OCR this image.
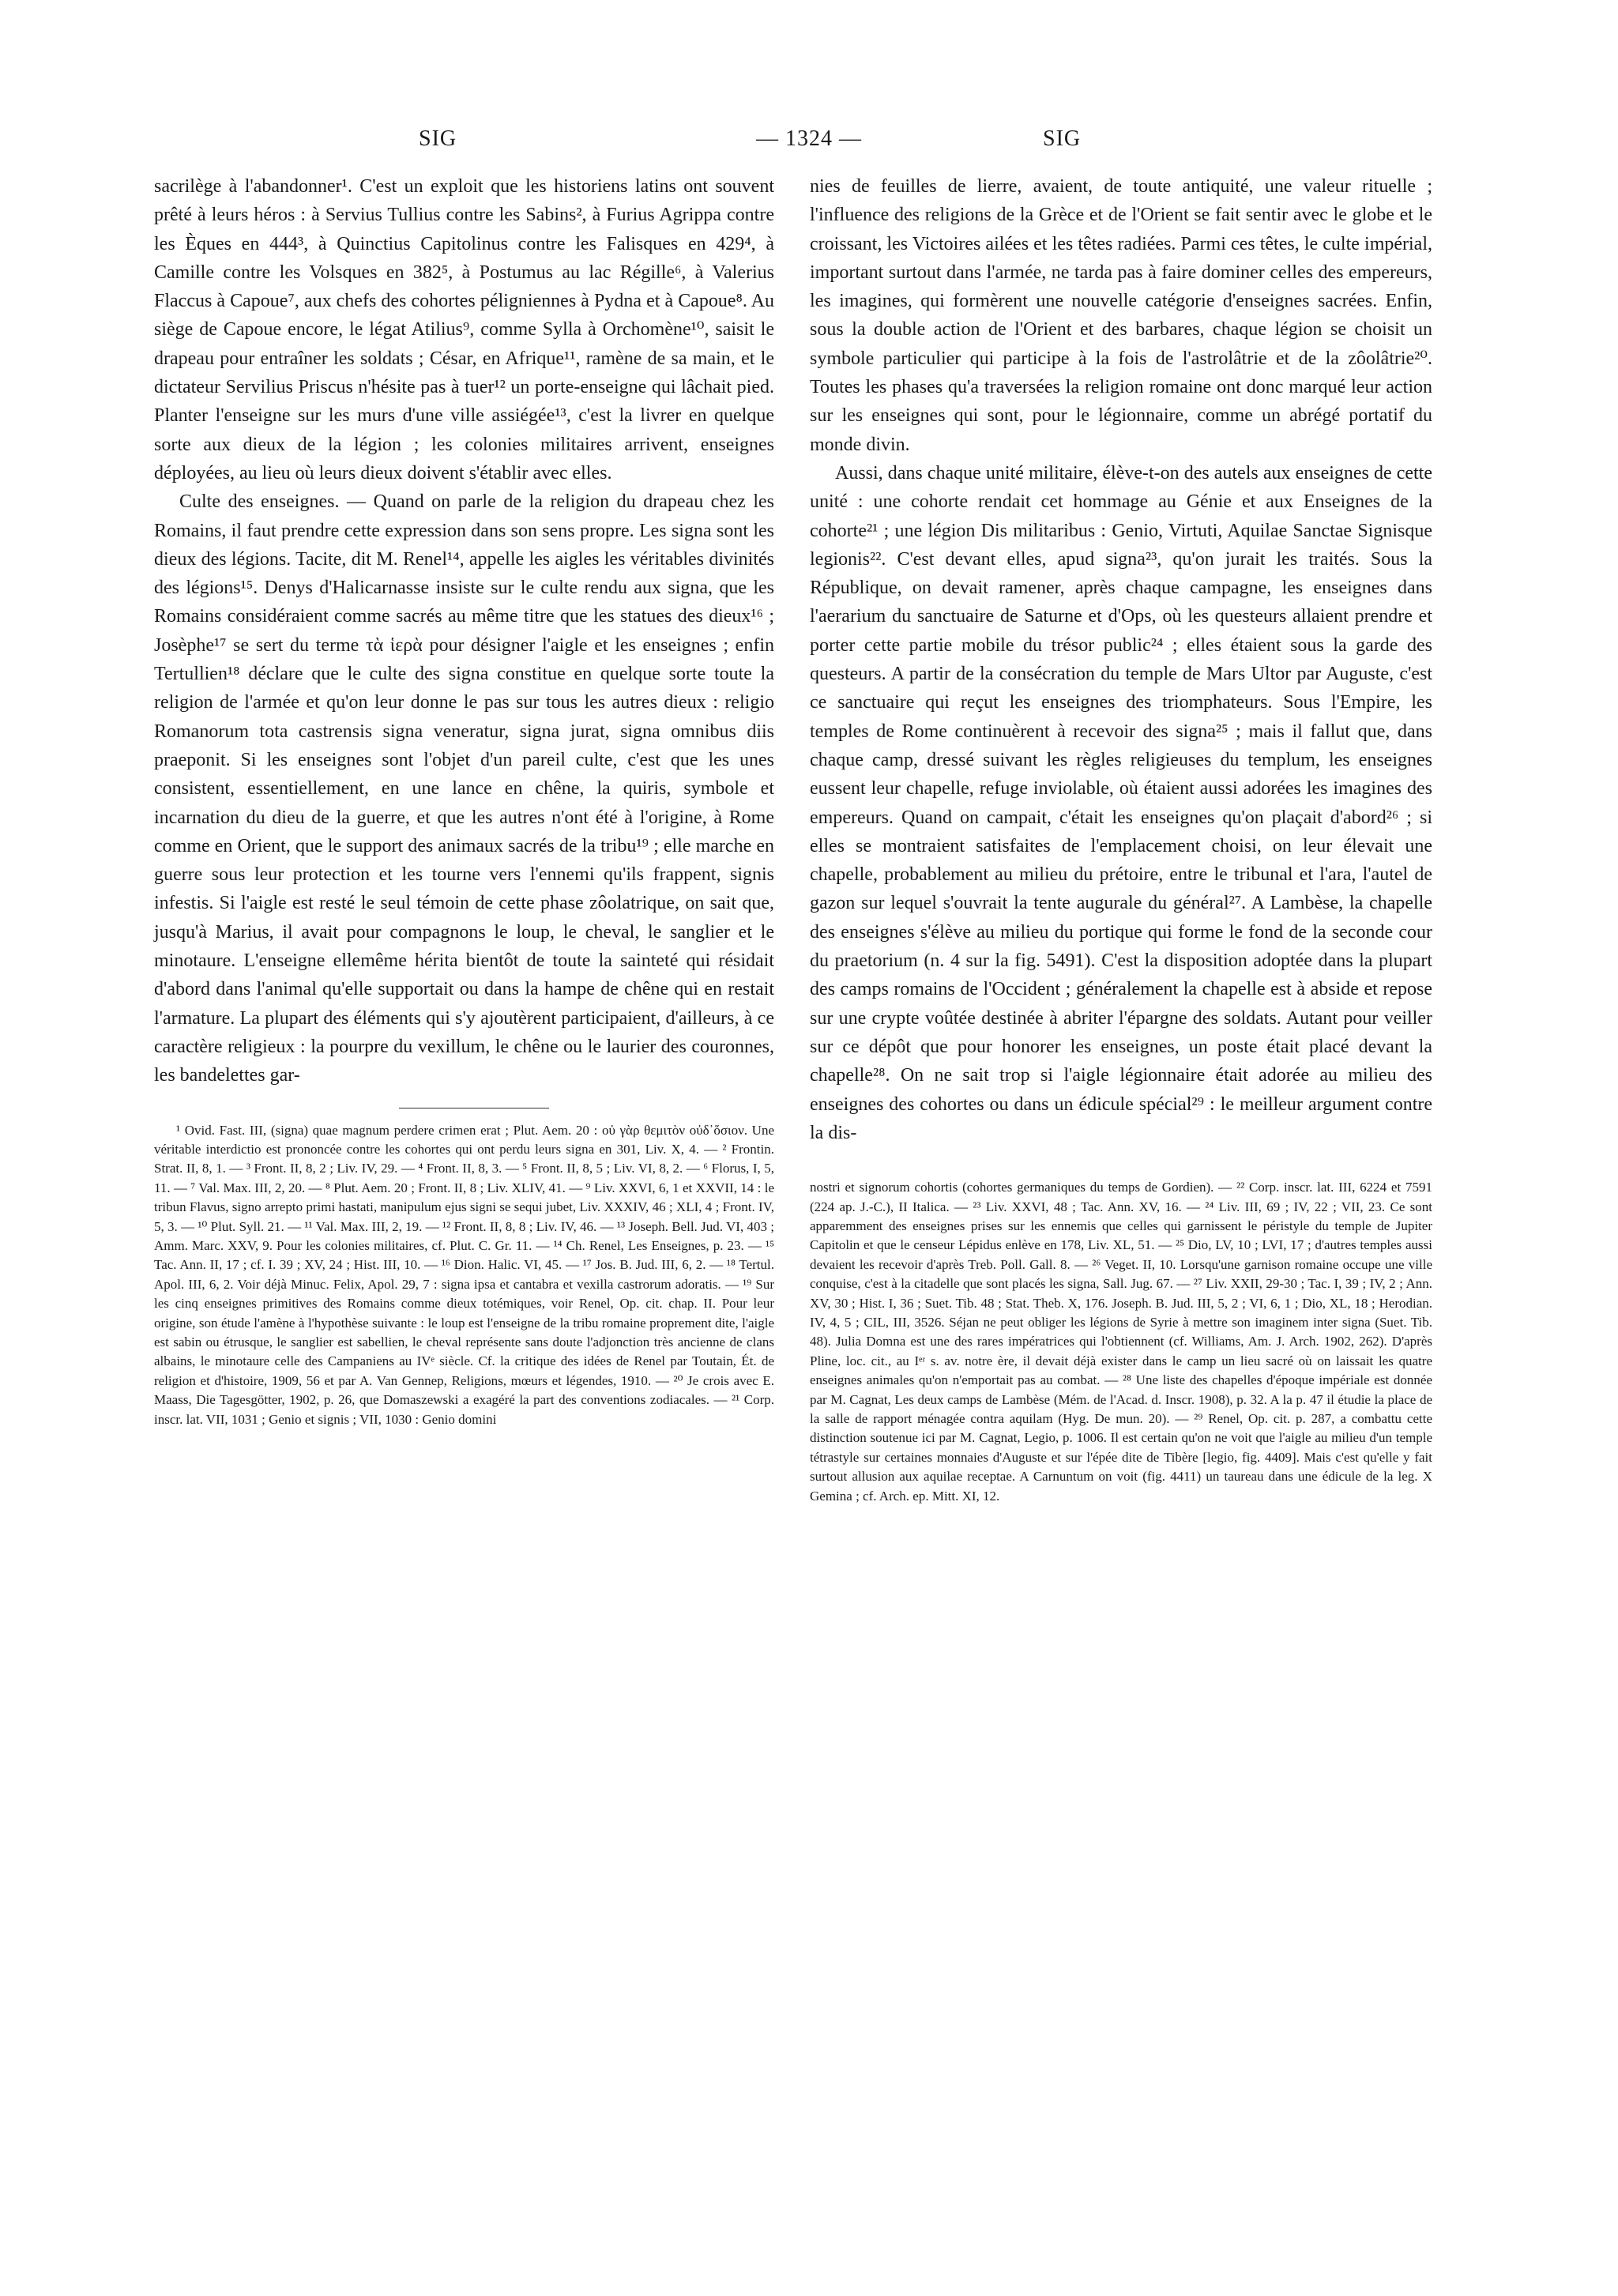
SIG	— 1324 —	SIG

sacrilège à l'abandonner¹. C'est un exploit que les historiens latins ont souvent prêté à leurs héros : à Servius Tullius contre les Sabins², à Furius Agrippa contre les Èques en 444³, à Quinctius Capitolinus contre les Falisques en 429⁴, à Camille contre les Volsques en 382⁵, à Postumus au lac Régille⁶, à Valerius Flaccus à Capoue⁷, aux chefs des cohortes péligniennes à Pydna et à Capoue⁸. Au siège de Capoue encore, le légat Atilius⁹, comme Sylla à Orchomène¹⁰, saisit le drapeau pour entraîner les soldats ; César, en Afrique¹¹, ramène de sa main, et le dictateur Servilius Priscus n'hésite pas à tuer¹² un porte-enseigne qui lâchait pied. Planter l'enseigne sur les murs d'une ville assiégée¹³, c'est la livrer en quelque sorte aux dieux de la légion ; les colonies militaires arrivent, enseignes déployées, au lieu où leurs dieux doivent s'établir avec elles.

Culte des enseignes. — Quand on parle de la religion du drapeau chez les Romains, il faut prendre cette expression dans son sens propre. Les signa sont les dieux des légions. Tacite, dit M. Renel¹⁴, appelle les aigles les véritables divinités des légions¹⁵. Denys d'Halicarnasse insiste sur le culte rendu aux signa, que les Romains considéraient comme sacrés au même titre que les statues des dieux¹⁶ ; Josèphe¹⁷ se sert du terme τὰ ἱερὰ pour désigner l'aigle et les enseignes ; enfin Tertullien¹⁸ déclare que le culte des signa constitue en quelque sorte toute la religion de l'armée et qu'on leur donne le pas sur tous les autres dieux : religio Romanorum tota castrensis signa veneratur, signa jurat, signa omnibus diis praeponit. Si les enseignes sont l'objet d'un pareil culte, c'est que les unes consistent, essentiellement, en une lance en chêne, la quiris, symbole et incarnation du dieu de la guerre, et que les autres n'ont été à l'origine, à Rome comme en Orient, que le support des animaux sacrés de la tribu¹⁹ ; elle marche en guerre sous leur protection et les tourne vers l'ennemi qu'ils frappent, signis infestis. Si l'aigle est resté le seul témoin de cette phase zôolatrique, on sait que, jusqu'à Marius, il avait pour compagnons le loup, le cheval, le sanglier et le minotaure. L'enseigne ellemême hérita bientôt de toute la sainteté qui résidait d'abord dans l'animal qu'elle supportait ou dans la hampe de chêne qui en restait l'armature. La plupart des éléments qui s'y ajoutèrent participaient, d'ailleurs, à ce caractère religieux : la pourpre du vexillum, le chêne ou le laurier des couronnes, les bandelettes gar-

¹ Ovid. Fast. III, (signa) quae magnum perdere crimen erat ; Plut. Aem. 20 : οὐ γὰρ θεμιτὸν οὐδ᾽ὅσιον. Une véritable interdictio est prononcée contre les cohortes qui ont perdu leurs signa en 301, Liv. X, 4. — ² Frontin. Strat. II, 8, 1. — ³ Front. II, 8, 2 ; Liv. IV, 29. — ⁴ Front. II, 8, 3. — ⁵ Front. II, 8, 5 ; Liv. VI, 8, 2. — ⁶ Florus, I, 5, 11. — ⁷ Val. Max. III, 2, 20. — ⁸ Plut. Aem. 20 ; Front. II, 8 ; Liv. XLIV, 41. — ⁹ Liv. XXVI, 6, 1 et XXVII, 14 : le tribun Flavus, signo arrepto primi hastati, manipulum ejus signi se sequi jubet, Liv. XXXIV, 46 ; XLI, 4 ; Front. IV, 5, 3. — ¹⁰ Plut. Syll. 21. — ¹¹ Val. Max. III, 2, 19. — ¹² Front. II, 8, 8 ; Liv. IV, 46. — ¹³ Joseph. Bell. Jud. VI, 403 ; Amm. Marc. XXV, 9. Pour les colonies militaires, cf. Plut. C. Gr. 11. — ¹⁴ Ch. Renel, Les Enseignes, p. 23. — ¹⁵ Tac. Ann. II, 17 ; cf. I. 39 ; XV, 24 ; Hist. III, 10. — ¹⁶ Dion. Halic. VI, 45. — ¹⁷ Jos. B. Jud. III, 6, 2. — ¹⁸ Tertul. Apol. III, 6, 2. Voir déjà Minuc. Felix, Apol. 29, 7 : signa ipsa et cantabra et vexilla castrorum adoratis. — ¹⁹ Sur les cinq enseignes primitives des Romains comme dieux totémiques, voir Renel, Op. cit. chap. II. Pour leur origine, son étude l'amène à l'hypothèse suivante : le loup est l'enseigne de la tribu romaine proprement dite, l'aigle est sabin ou étrusque, le sanglier est sabellien, le cheval représente sans doute l'adjonction très ancienne de clans albains, le minotaure celle des Campaniens au IVᵉ siècle. Cf. la critique des idées de Renel par Toutain, Ét. de religion et d'histoire, 1909, 56 et par A. Van Gennep, Religions, mœurs et légendes, 1910. — ²⁰ Je crois avec E. Maass, Die Tagesgötter, 1902, p. 26, que Domaszewski a exagéré la part des conventions zodiacales. — ²¹ Corp. inscr. lat. VII, 1031 ; Genio et signis ; VII, 1030 : Genio domini

nies de feuilles de lierre, avaient, de toute antiquité, une valeur rituelle ; l'influence des religions de la Grèce et de l'Orient se fait sentir avec le globe et le croissant, les Victoires ailées et les têtes radiées. Parmi ces têtes, le culte impérial, important surtout dans l'armée, ne tarda pas à faire dominer celles des empereurs, les imagines, qui formèrent une nouvelle catégorie d'enseignes sacrées. Enfin, sous la double action de l'Orient et des barbares, chaque légion se choisit un symbole particulier qui participe à la fois de l'astrolâtrie et de la zôolâtrie²⁰. Toutes les phases qu'a traversées la religion romaine ont donc marqué leur action sur les enseignes qui sont, pour le légionnaire, comme un abrégé portatif du monde divin.

Aussi, dans chaque unité militaire, élève-t-on des autels aux enseignes de cette unité : une cohorte rendait cet hommage au Génie et aux Enseignes de la cohorte²¹ ; une légion Dis militaribus : Genio, Virtuti, Aquilae Sanctae Signisque legionis²². C'est devant elles, apud signa²³, qu'on jurait les traités. Sous la République, on devait ramener, après chaque campagne, les enseignes dans l'aerarium du sanctuaire de Saturne et d'Ops, où les questeurs allaient prendre et porter cette partie mobile du trésor public²⁴ ; elles étaient sous la garde des questeurs. A partir de la consécration du temple de Mars Ultor par Auguste, c'est ce sanctuaire qui reçut les enseignes des triomphateurs. Sous l'Empire, les temples de Rome continuèrent à recevoir des signa²⁵ ; mais il fallut que, dans chaque camp, dressé suivant les règles religieuses du templum, les enseignes eussent leur chapelle, refuge inviolable, où étaient aussi adorées les imagines des empereurs. Quand on campait, c'était les enseignes qu'on plaçait d'abord²⁶ ; si elles se montraient satisfaites de l'emplacement choisi, on leur élevait une chapelle, probablement au milieu du prétoire, entre le tribunal et l'ara, l'autel de gazon sur lequel s'ouvrait la tente augurale du général²⁷. A Lambèse, la chapelle des enseignes s'élève au milieu du portique qui forme le fond de la seconde cour du praetorium (n. 4 sur la fig. 5491). C'est la disposition adoptée dans la plupart des camps romains de l'Occident ; généralement la chapelle est à abside et repose sur une crypte voûtée destinée à abriter l'épargne des soldats. Autant pour veiller sur ce dépôt que pour honorer les enseignes, un poste était placé devant la chapelle²⁸. On ne sait trop si l'aigle légionnaire était adorée au milieu des enseignes des cohortes ou dans un édicule spécial²⁹ : le meilleur argument contre la dis-

nostri et signorum cohortis (cohortes germaniques du temps de Gordien). — ²² Corp. inscr. lat. III, 6224 et 7591 (224 ap. J.-C.), II Italica. — ²³ Liv. XXVI, 48 ; Tac. Ann. XV, 16. — ²⁴ Liv. III, 69 ; IV, 22 ; VII, 23. Ce sont apparemment des enseignes prises sur les ennemis que celles qui garnissent le péristyle du temple de Jupiter Capitolin et que le censeur Lépidus enlève en 178, Liv. XL, 51. — ²⁵ Dio, LV, 10 ; LVI, 17 ; d'autres temples aussi devaient les recevoir d'après Treb. Poll. Gall. 8. — ²⁶ Veget. II, 10. Lorsqu'une garnison romaine occupe une ville conquise, c'est à la citadelle que sont placés les signa, Sall. Jug. 67. — ²⁷ Liv. XXII, 29-30 ; Tac. I, 39 ; IV, 2 ; Ann. XV, 30 ; Hist. I, 36 ; Suet. Tib. 48 ; Stat. Theb. X, 176. Joseph. B. Jud. III, 5, 2 ; VI, 6, 1 ; Dio, XL, 18 ; Herodian. IV, 4, 5 ; CIL, III, 3526. Séjan ne peut obliger les légions de Syrie à mettre son imaginem inter signa (Suet. Tib. 48). Julia Domna est une des rares impératrices qui l'obtiennent (cf. Williams, Am. J. Arch. 1902, 262). D'après Pline, loc. cit., au Iᵉʳ s. av. notre ère, il devait déjà exister dans le camp un lieu sacré où on laissait les quatre enseignes animales qu'on n'emportait pas au combat. — ²⁸ Une liste des chapelles d'époque impériale est donnée par M. Cagnat, Les deux camps de Lambèse (Mém. de l'Acad. d. Inscr. 1908), p. 32. A la p. 47 il étudie la place de la salle de rapport ménagée contra aquilam (Hyg. De mun. 20). — ²⁹ Renel, Op. cit. p. 287, a combattu cette distinction soutenue ici par M. Cagnat, Legio, p. 1006. Il est certain qu'on ne voit que l'aigle au milieu d'un temple tétrastyle sur certaines monnaies d'Auguste et sur l'épée dite de Tibère [legio, fig. 4409]. Mais c'est qu'elle y fait surtout allusion aux aquilae receptae. A Carnuntum on voit (fig. 4411) un taureau dans une édicule de la leg. X Gemina ; cf. Arch. ep. Mitt. XI, 12.
